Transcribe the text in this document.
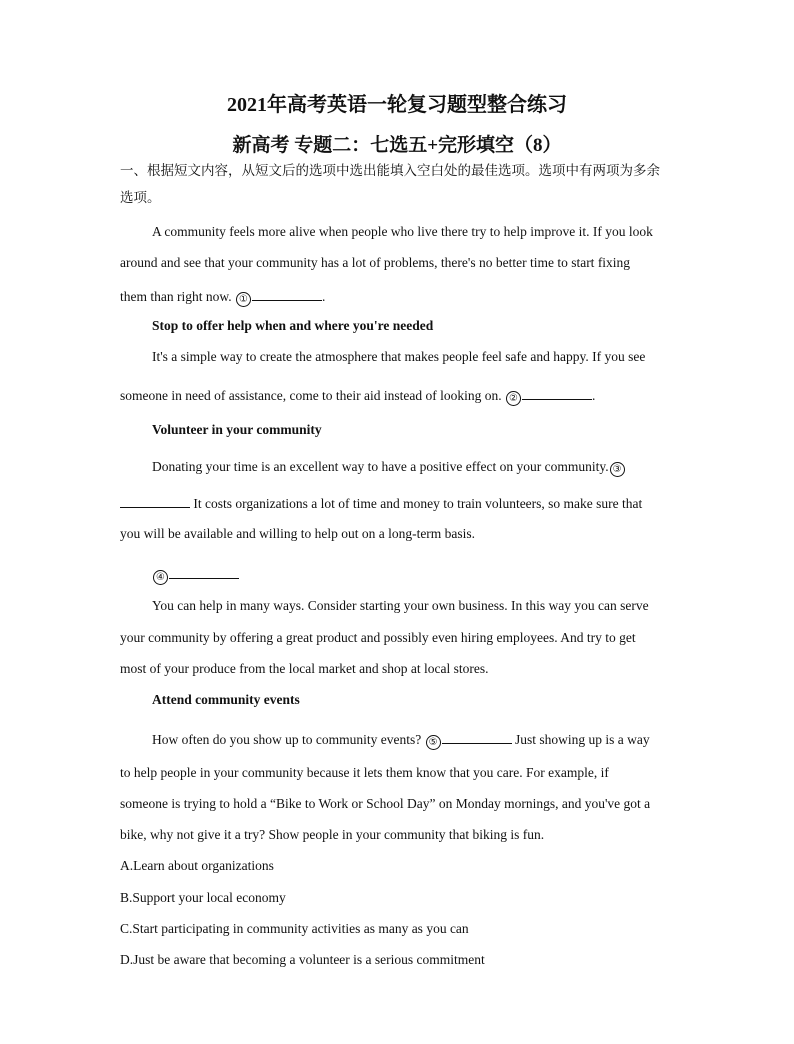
2021年高考英语一轮复习题型整合练习
新高考 专题二：七选五+完形填空（8）
一、根据短文内容，从短文后的选项中选出能填入空白处的最佳选项。选项中有两项为多余
选项。
A community feels more alive when people who live there try to help improve it. If you look
around and see that your community has a lot of problems, there's no better time to start fixing
them than right now. ①	.
Stop to offer help when and where you're needed
It's a simple way to create the atmosphere that makes people feel safe and happy. If you see
someone in need of assistance, come to their aid instead of looking on. ②	.
Volunteer in your community
Donating your time is an excellent way to have a positive effect on your community. ③
It costs organizations a lot of time and money to train volunteers, so make sure that
you will be available and willing to help out on a long-term basis.
④
You can help in many ways. Consider starting your own business. In this way you can serve
your community by offering a great product and possibly even hiring employees. And try to get
most of your produce from the local market and shop at local stores.
Attend community events
How often do you show up to community events? ⑤	Just showing up is a way
to help people in your community because it lets them know that you care. For example, if
someone is trying to hold a “Bike to Work or School Day” on Monday mornings, and you've got a
bike, why not give it a try? Show people in your community that biking is fun.
A.Learn about organizations
B.Support your local economy
C.Start participating in community activities as many as you can
D.Just be aware that becoming a volunteer is a serious commitment
